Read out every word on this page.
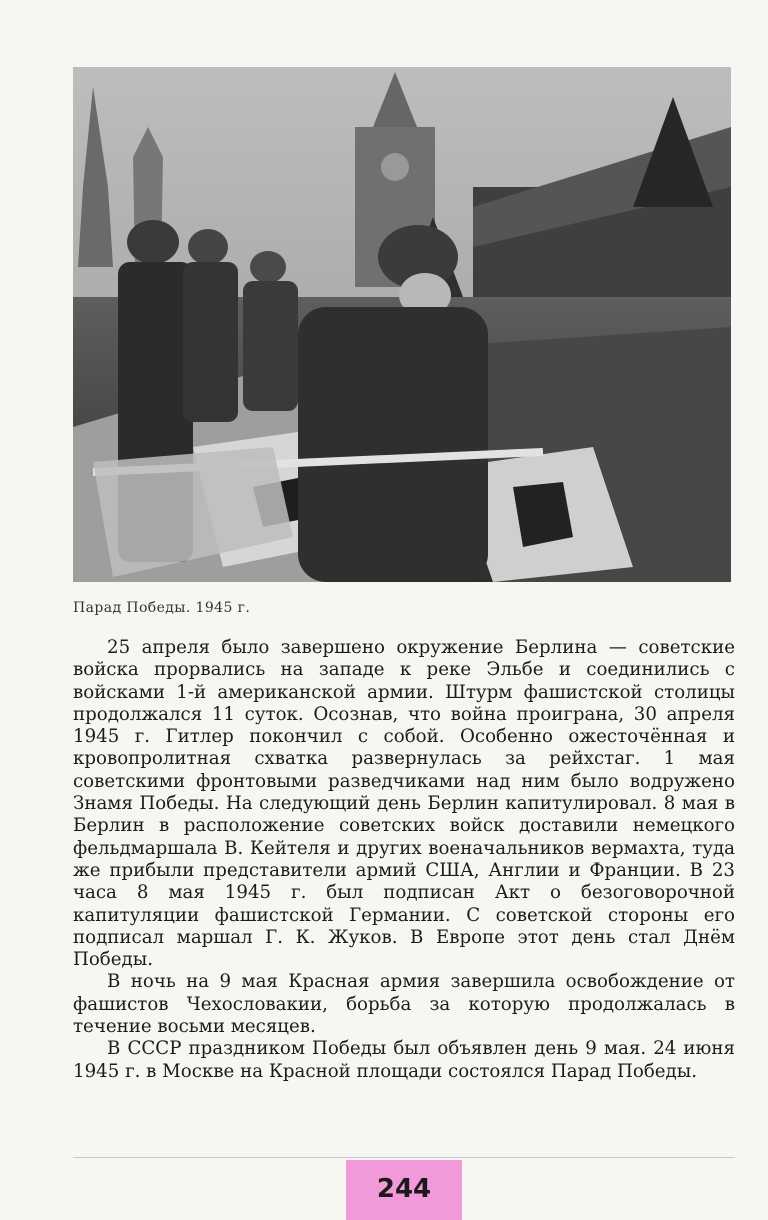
Парад Победы. 1945 г.

25 апреля было завершено окружение Берлина — советские войска прорвались на западе к реке Эльбе и соединились с войсками 1-й американской армии. Штурм фашистской столицы продолжался 11 суток. Осознав, что война проиграна, 30 апреля 1945 г. Гитлер покончил с собой. Особенно ожесточённая и кровопролитная схватка развернулась за рейхстаг. 1 мая советскими фронтовыми разведчиками над ним было водружено Знамя Победы. На следующий день Берлин капитулировал. 8 мая в Берлин в расположение советских войск доставили немецкого фельдмаршала В. Кейтеля и других военачальников вермахта, туда же прибыли представители армий США, Англии и Франции. В 23 часа 8 мая 1945 г. был подписан Акт о безоговорочной капитуляции фашистской Германии. С советской стороны его подписал маршал Г. К. Жуков. В Европе этот день стал Днём Победы.

В ночь на 9 мая Красная армия завершила освобождение от фашистов Чехословакии, борьба за которую продолжалась в течение восьми месяцев.

В СССР праздником Победы был объявлен день 9 мая. 24 июня 1945 г. в Москве на Красной площади состоялся Парад Победы.

244
